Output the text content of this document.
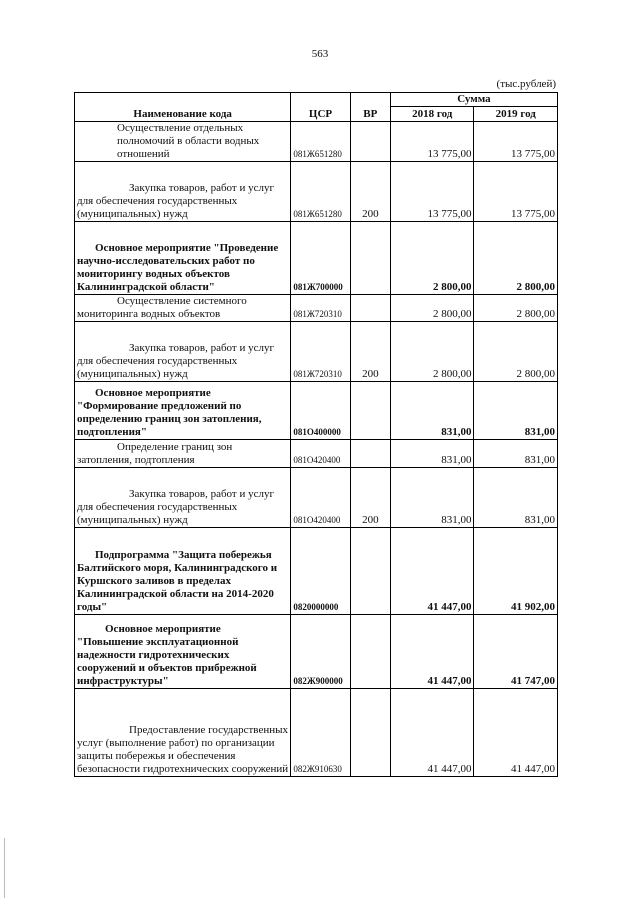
563
(тыс.рублей)
Наименование кода	ЦСР	ВР	Сумма	
			2018 год	2019 год

Осуществление отдельных полномочий в области водных отношений	081Ж651280		13 775,00	13 775,00

Закупка товаров, работ и услуг для обеспечения государственных (муниципальных) нужд	081Ж651280	200	13 775,00	13 775,00

Основное мероприятие "Проведение научно-исследовательских работ по мониторингу водных объектов Калининградской области"	081Ж700000		2 800,00	2 800,00

Осуществление системного мониторинга водных объектов	081Ж720310		2 800,00	2 800,00

Закупка товаров, работ и услуг для обеспечения государственных (муниципальных) нужд	081Ж720310	200	2 800,00	2 800,00

Основное мероприятие "Формирование предложений по определению границ зон затопления, подтопления"	081О400000		831,00	831,00

Определение границ зон затопления, подтопления	081О420400		831,00	831,00

Закупка товаров, работ и услуг для обеспечения государственных (муниципальных) нужд	081О420400	200	831,00	831,00

Подпрограмма "Защита побережья Балтийского моря, Калининградского и Куршского заливов в пределах Калининградской области на 2014-2020 годы"	0820000000		41 447,00	41 902,00

Основное мероприятие "Повышение эксплуатационной надежности гидротехнических сооружений и объектов прибрежной инфраструктуры"	082Ж900000		41 447,00	41 747,00

Предоставление государственных услуг (выполнение работ) по организации защиты побережья и обеспечения безопасности гидротехнических сооружений	082Ж910630		41 447,00	41 447,00
